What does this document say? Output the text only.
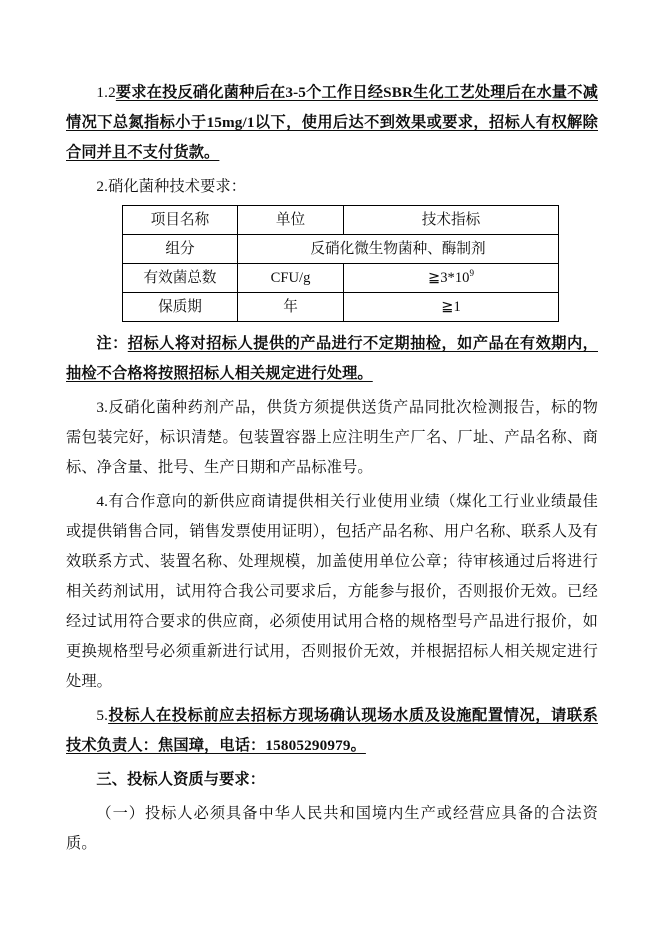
1.2要求在投反硝化菌种后在3-5个工作日经SBR生化工艺处理后在水量不减情况下总氮指标小于15mg/1以下，使用后达不到效果或要求，招标人有权解除合同并且不支付货款。

2.硝化菌种技术要求：

项目名称	单位	技术指标
组分	反硝化微生物菌种、酶制剂	
有效菌总数	CFU/g	$≧3*10^9$
保质期	年	≧1

注：招标人将对招标人提供的产品进行不定期抽检，如产品在有效期内，抽检不合格将按照招标人相关规定进行处理。

3.反硝化菌种药剂产品，供货方须提供送货产品同批次检测报告，标的物需包装完好，标识清楚。包装置容器上应注明生产厂名、厂址、产品名称、商标、净含量、批号、生产日期和产品标准号。

4.有合作意向的新供应商请提供相关行业使用业绩（煤化工行业业绩最佳或提供销售合同，销售发票使用证明），包括产品名称、用户名称、联系人及有效联系方式、装置名称、处理规模，加盖使用单位公章；待审核通过后将进行相关药剂试用，试用符合我公司要求后，方能参与报价，否则报价无效。已经经过试用符合要求的供应商，必须使用试用合格的规格型号产品进行报价，如更换规格型号必须重新进行试用，否则报价无效，并根据招标人相关规定进行处理。

5.投标人在投标前应去招标方现场确认现场水质及设施配置情况，请联系技术负责人：焦国璋，电话：15805290979。

三、投标人资质与要求：

（一）投标人必须具备中华人民共和国境内生产或经营应具备的合法资质。
